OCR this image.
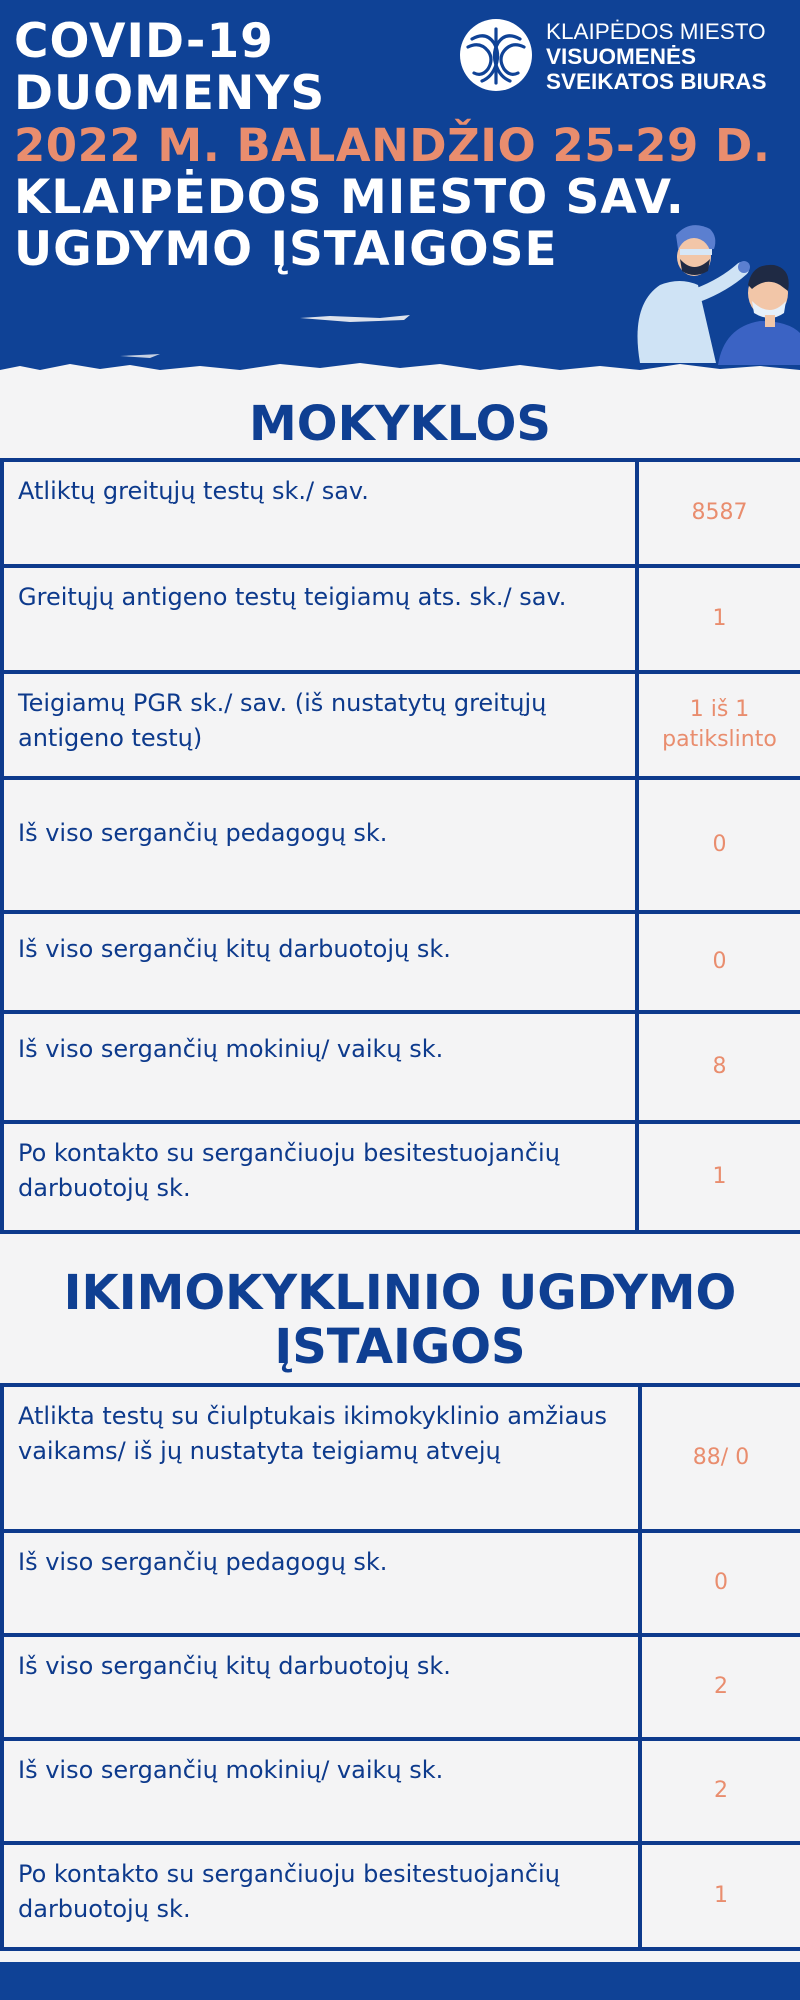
COVID-19
DUOMENYS
2022 M. BALANDŽIO 25-29 D.
KLAIPĖDOS MIESTO SAV.
UGDYMO ĮSTAIGOSE
KLAIPĖDOS MIESTO
VISUOMENĖS
SVEIKATOS BIURAS
MOKYKLOS
Atliktų greitųjų testų sk./ sav.	8587
Greitųjų antigeno testų teigiamų ats. sk./ sav.	1
Teigiamų PGR sk./ sav. (iš nustatytų greitųjų antigeno testų)	1 iš 1 patikslinto
Iš viso sergančių pedagogų sk.	0
Iš viso sergančių kitų darbuotojų sk.	0
Iš viso sergančių mokinių/ vaikų sk.	8
Po kontakto su sergančiuoju besitestuojančių darbuotojų sk.	1
IKIMOKYKLINIO UGDYMO
ĮSTAIGOS
Atlikta testų su čiulptukais ikimokyklinio amžiaus vaikams/ iš jų nustatyta teigiamų atvejų	88/ 0
Iš viso sergančių pedagogų sk.	0
Iš viso sergančių kitų darbuotojų sk.	2
Iš viso sergančių mokinių/ vaikų sk.	2
Po kontakto su sergančiuoju besitestuojančių darbuotojų sk.	1
